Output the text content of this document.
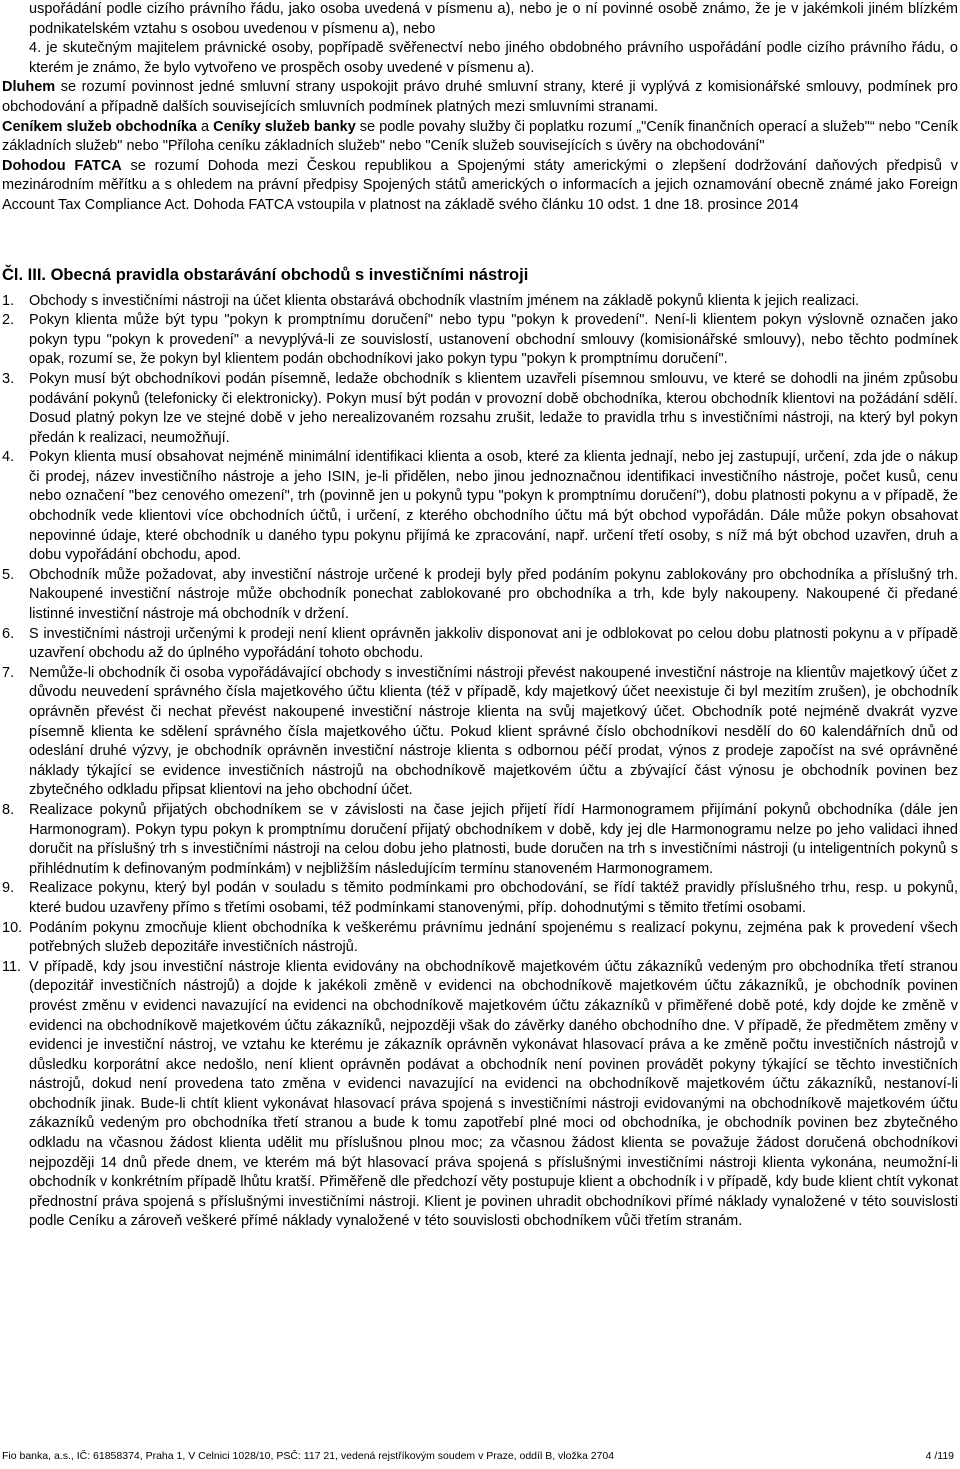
uspořádání podle cizího právního řádu, jako osoba uvedená v písmenu a), nebo je o ní povinné osobě známo, že je v jakémkoli jiném blízkém podnikatelském vztahu s osobou uvedenou v písmenu a), nebo

4. je skutečným majitelem právnické osoby, popřípadě svěřenectví nebo jiného obdobného právního uspořádání podle cizího právního řádu, o kterém je známo, že bylo vytvořeno ve prospěch osoby uvedené v písmenu a).

Dluhem se rozumí povinnost jedné smluvní strany uspokojit právo druhé smluvní strany, které ji vyplývá z komisionářské smlouvy, podmínek pro obchodování a případně dalších souvisejících smluvních podmínek platných mezi smluvními stranami.

Ceníkem služeb obchodníka a Ceníky služeb banky se podle povahy služby či poplatku rozumí „"Ceník finančních operací a služeb"“ nebo "Ceník základních služeb" nebo "Příloha ceníku základních služeb" nebo "Ceník služeb souvisejících s úvěry na obchodování"

Dohodou FATCA se rozumí Dohoda mezi Českou republikou a Spojenými státy americkými o zlepšení dodržování daňových předpisů v mezinárodním měřítku a s ohledem na právní předpisy Spojených států amerických o informacích a jejich oznamování obecně známé jako Foreign Account Tax Compliance Act. Dohoda FATCA vstoupila v platnost na základě svého článku 10 odst. 1 dne 18. prosince 2014

Čl. III. Obecná pravidla obstarávání obchodů s investičními nástroji
1. Obchody s investičními nástroji na účet klienta obstarává obchodník vlastním jménem na základě pokynů klienta k jejich realizaci.
2. Pokyn klienta může být typu "pokyn k promptnímu doručení" nebo typu "pokyn k provedení". Není-li klientem pokyn výslovně označen jako pokyn typu "pokyn k provedení" a nevyplývá-li ze souvislostí, ustanovení obchodní smlouvy (komisionářské smlouvy), nebo těchto podmínek opak, rozumí se, že pokyn byl klientem podán obchodníkovi jako pokyn typu "pokyn k promptnímu doručení".
3. Pokyn musí být obchodníkovi podán písemně, ledaže obchodník s klientem uzavřeli písemnou smlouvu, ve které se dohodli na jiném způsobu podávání pokynů (telefonicky či elektronicky). Pokyn musí být podán v provozní době obchodníka, kterou obchodník klientovi na požádání sdělí. Dosud platný pokyn lze ve stejné době v jeho nerealizovaném rozsahu zrušit, ledaže to pravidla trhu s investičními nástroji, na který byl pokyn předán k realizaci, neumožňují.
4. Pokyn klienta musí obsahovat nejméně minimální identifikaci klienta a osob, které za klienta jednají, nebo jej zastupují, určení, zda jde o nákup či prodej, název investičního nástroje a jeho ISIN, je-li přidělen, nebo jinou jednoznačnou identifikaci investičního nástroje, počet kusů, cenu nebo označení "bez cenového omezení", trh (povinně jen u pokynů typu "pokyn k promptnímu doručení"), dobu platnosti pokynu a v případě, že obchodník vede klientovi více obchodních účtů, i určení, z kterého obchodního účtu má být obchod vypořádán. Dále může pokyn obsahovat nepovinné údaje, které obchodník u daného typu pokynu přijímá ke zpracování, např. určení třetí osoby, s níž má být obchod uzavřen, druh a dobu vypořádání obchodu, apod.
5. Obchodník může požadovat, aby investiční nástroje určené k prodeji byly před podáním pokynu zablokovány pro obchodníka a příslušný trh. Nakoupené investiční nástroje může obchodník ponechat zablokované pro obchodníka a trh, kde byly nakoupeny. Nakoupené či předané listinné investiční nástroje má obchodník v držení.
6. S investičními nástroji určenými k prodeji není klient oprávněn jakkoliv disponovat ani je odblokovat po celou dobu platnosti pokynu a v případě uzavření obchodu až do úplného vypořádání tohoto obchodu.
7. Nemůže-li obchodník či osoba vypořádávající obchody s investičními nástroji převést nakoupené investiční nástroje na klientův majetkový účet z důvodu neuvedení správného čísla majetkového účtu klienta (též v případě, kdy majetkový účet neexistuje či byl mezitím zrušen), je obchodník oprávněn převést či nechat převést nakoupené investiční nástroje klienta na svůj majetkový účet. Obchodník poté nejméně dvakrát vyzve písemně klienta ke sdělení správného čísla majetkového účtu. Pokud klient správné číslo obchodníkovi nesdělí do 60 kalendářních dnů od odeslání druhé výzvy, je obchodník oprávněn investiční nástroje klienta s odbornou péčí prodat, výnos z prodeje započíst na své oprávněné náklady týkající se evidence investičních nástrojů na obchodníkově majetkovém účtu a zbývající část výnosu je obchodník povinen bez zbytečného odkladu připsat klientovi na jeho obchodní účet.
8. Realizace pokynů přijatých obchodníkem se v závislosti na čase jejich přijetí řídí Harmonogramem přijímání pokynů obchodníka (dále jen Harmonogram). Pokyn typu pokyn k promptnímu doručení přijatý obchodníkem v době, kdy jej dle Harmonogramu nelze po jeho validaci ihned doručit na příslušný trh s investičními nástroji na celou dobu jeho platnosti, bude doručen na trh s investičními nástroji (u inteligentních pokynů s přihlédnutím k definovaným podmínkám) v nejbližším následujícím termínu stanoveném Harmonogramem.
9. Realizace pokynu, který byl podán v souladu s těmito podmínkami pro obchodování, se řídí taktéž pravidly příslušného trhu, resp. u pokynů, které budou uzavřeny přímo s třetími osobami, též podmínkami stanovenými, příp. dohodnutými s těmito třetími osobami.
10. Podáním pokynu zmocňuje klient obchodníka k veškerému právnímu jednání spojenému s realizací pokynu, zejména pak k provedení všech potřebných služeb depozitáře investičních nástrojů.
11. V případě, kdy jsou investiční nástroje klienta evidovány na obchodníkově majetkovém účtu zákazníků vedeným pro obchodníka třetí stranou (depozitář investičních nástrojů) a dojde k jakékoli změně v evidenci na obchodníkově majetkovém účtu zákazníků, je obchodník povinen provést změnu v evidenci navazující na evidenci na obchodníkově majetkovém účtu zákazníků v přiměřené době poté, kdy dojde ke změně v evidenci na obchodníkově majetkovém účtu zákazníků, nejpozději však do závěrky daného obchodního dne. V případě, že předmětem změny v evidenci je investiční nástroj, ve vztahu ke kterému je zákazník oprávněn vykonávat hlasovací práva a ke změně počtu investičních nástrojů v důsledku korporátní akce nedošlo, není klient oprávněn podávat a obchodník není povinen provádět pokyny týkající se těchto investičních nástrojů, dokud není provedena tato změna v evidenci navazující na evidenci na obchodníkově majetkovém účtu zákazníků, nestanoví-li obchodník jinak. Bude-li chtít klient vykonávat hlasovací práva spojená s investičními nástroji evidovanými na obchodníkově majetkovém účtu zákazníků vedeným pro obchodníka třetí stranou a bude k tomu zapotřebí plné moci od obchodníka, je obchodník povinen bez zbytečného odkladu na včasnou žádost klienta udělit mu příslušnou plnou moc; za včasnou žádost klienta se považuje žádost doručená obchodníkovi nejpozději 14 dnů přede dnem, ve kterém má být hlasovací práva spojená s příslušnými investičními nástroji klienta vykonána, neumožní-li obchodník v konkrétním případě lhůtu kratší. Přiměřeně dle předchozí věty postupuje klient a obchodník i v případě, kdy bude klient chtít vykonat přednostní práva spojená s příslušnými investičními nástroji. Klient je povinen uhradit obchodníkovi přímé náklady vynaložené v této souvislosti podle Ceníku a zároveň veškeré přímé náklady vynaložené v této souvislosti obchodníkem vůči třetím stranám.
Fio banka, a.s., IČ: 61858374, Praha 1, V Celnici 1028/10, PSČ: 117 21, vedená rejstříkovým soudem v Praze, oddíl B, vložka 2704	4 /119
